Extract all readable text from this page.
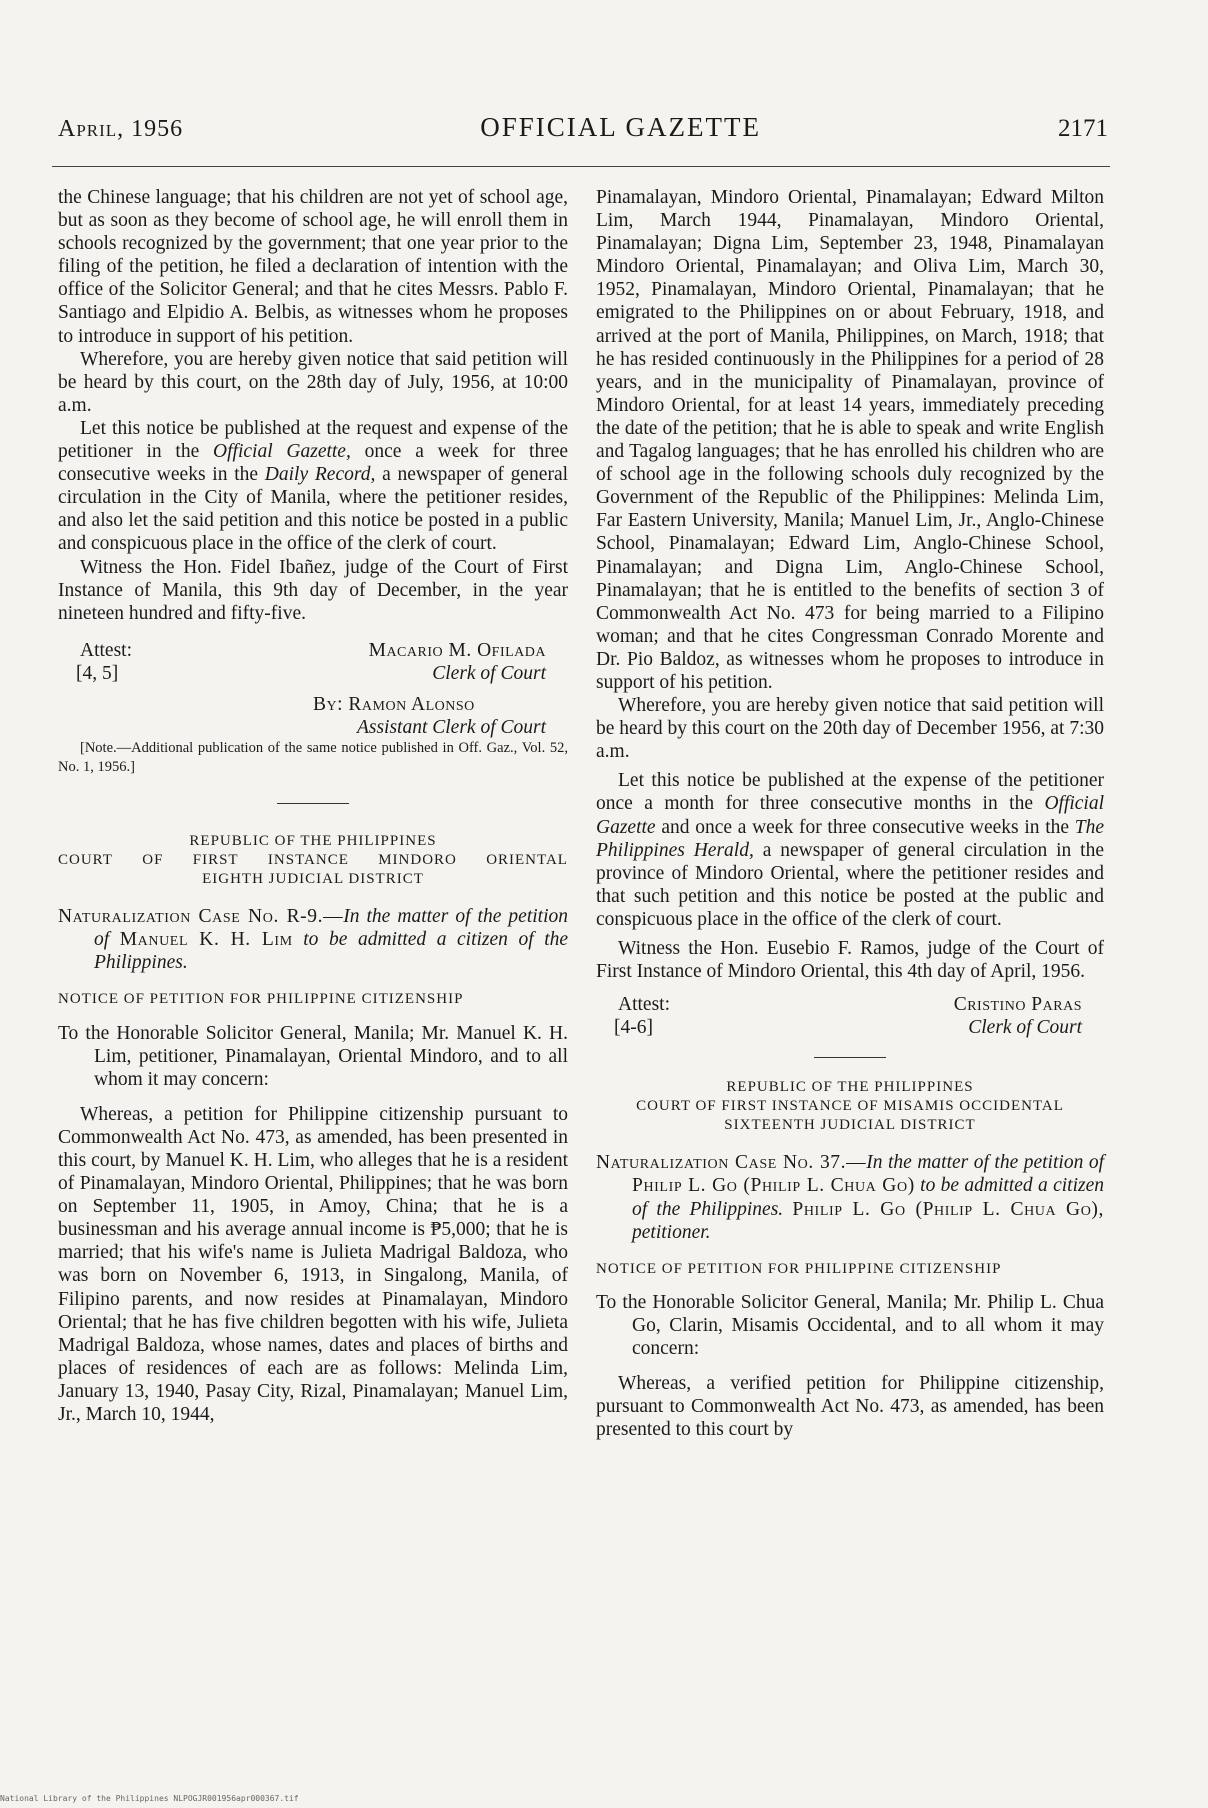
April, 1956	OFFICIAL GAZETTE	2171

the Chinese language; that his children are not yet of school age, but as soon as they become of school age, he will enroll them in schools recognized by the government; that one year prior to the filing of the petition, he filed a declaration of intention with the office of the Solicitor General; and that he cites Messrs. Pablo F. Santiago and Elpidio A. Belbis, as witnesses whom he proposes to introduce in support of his petition.

Wherefore, you are hereby given notice that said petition will be heard by this court, on the 28th day of July, 1956, at 10:00 a.m.

Let this notice be published at the request and expense of the petitioner in the Official Gazette, once a week for three consecutive weeks in the Daily Record, a newspaper of general circulation in the City of Manila, where the petitioner resides, and also let the said petition and this notice be posted in a public and conspicuous place in the office of the clerk of court.

Witness the Hon. Fidel Ibañez, judge of the Court of First Instance of Manila, this 9th day of December, in the year nineteen hundred and fifty-five.

Attest:	Macario M. Ofilada
[4, 5]	Clerk of Court
By: Ramon Alonso
Assistant Clerk of Court

[Note.—Additional publication of the same notice published in Off. Gaz., Vol. 52, No. 1, 1956.]

REPUBLIC OF THE PHILIPPINES
COURT OF FIRST INSTANCE MINDORO ORIENTAL
EIGHTH JUDICIAL DISTRICT

Naturalization Case No. R-9.—In the matter of the petition of Manuel K. H. Lim to be admitted a citizen of the Philippines.

NOTICE OF PETITION FOR PHILIPPINE CITIZENSHIP

To the Honorable Solicitor General, Manila; Mr. Manuel K. H. Lim, petitioner, Pinamalayan, Oriental Mindoro, and to all whom it may concern:

Whereas, a petition for Philippine citizenship pursuant to Commonwealth Act No. 473, as amended, has been presented in this court, by Manuel K. H. Lim, who alleges that he is a resident of Pinamalayan, Mindoro Oriental, Philippines; that he was born on September 11, 1905, in Amoy, China; that he is a businessman and his average annual income is ₱5,000; that he is married; that his wife's name is Julieta Madrigal Baldoza, who was born on November 6, 1913, in Singalong, Manila, of Filipino parents, and now resides at Pinamalayan, Mindoro Oriental; that he has five children begotten with his wife, Julieta Madrigal Baldoza, whose names, dates and places of births and places of residences of each are as follows: Melinda Lim, January 13, 1940, Pasay City, Rizal, Pinamalayan; Manuel Lim, Jr., March 10, 1944,

Pinamalayan, Mindoro Oriental, Pinamalayan; Edward Milton Lim, March 1944, Pinamalayan, Mindoro Oriental, Pinamalayan; Digna Lim, September 23, 1948, Pinamalayan Mindoro Oriental, Pinamalayan; and Oliva Lim, March 30, 1952, Pinamalayan, Mindoro Oriental, Pinamalayan; that he emigrated to the Philippines on or about February, 1918, and arrived at the port of Manila, Philippines, on March, 1918; that he has resided continuously in the Philippines for a period of 28 years, and in the municipality of Pinamalayan, province of Mindoro Oriental, for at least 14 years, immediately preceding the date of the petition; that he is able to speak and write English and Tagalog languages; that he has enrolled his children who are of school age in the following schools duly recognized by the Government of the Republic of the Philippines: Melinda Lim, Far Eastern University, Manila; Manuel Lim, Jr., Anglo-Chinese School, Pinamalayan; Edward Lim, Anglo-Chinese School, Pinamalayan; and Digna Lim, Anglo-Chinese School, Pinamalayan; that he is entitled to the benefits of section 3 of Commonwealth Act No. 473 for being married to a Filipino woman; and that he cites Congressman Conrado Morente and Dr. Pio Baldoz, as witnesses whom he proposes to introduce in support of his petition.

Wherefore, you are hereby given notice that said petition will be heard by this court on the 20th day of December 1956, at 7:30 a.m.

Let this notice be published at the expense of the petitioner once a month for three consecutive months in the Official Gazette and once a week for three consecutive weeks in the The Philippines Herald, a newspaper of general circulation in the province of Mindoro Oriental, where the petitioner resides and that such petition and this notice be posted at the public and conspicuous place in the office of the clerk of court.

Witness the Hon. Eusebio F. Ramos, judge of the Court of First Instance of Mindoro Oriental, this 4th day of April, 1956.

Attest:	Cristino Paras
[4-6]	Clerk of Court
REPUBLIC OF THE PHILIPPINES
COURT OF FIRST INSTANCE OF MISAMIS OCCIDENTAL
SIXTEENTH JUDICIAL DISTRICT

Naturalization Case No. 37.—In the matter of the petition of Philip L. Go (Philip L. Chua Go) to be admitted a citizen of the Philippines. Philip L. Go (Philip L. Chua Go), petitioner.

NOTICE OF PETITION FOR PHILIPPINE CITIZENSHIP

To the Honorable Solicitor General, Manila; Mr. Philip L. Chua Go, Clarin, Misamis Occidental, and to all whom it may concern:

Whereas, a verified petition for Philippine citizenship, pursuant to Commonwealth Act No. 473, as amended, has been presented to this court by

National Library of the Philippines NLPOGJR001956apr000367.tif
